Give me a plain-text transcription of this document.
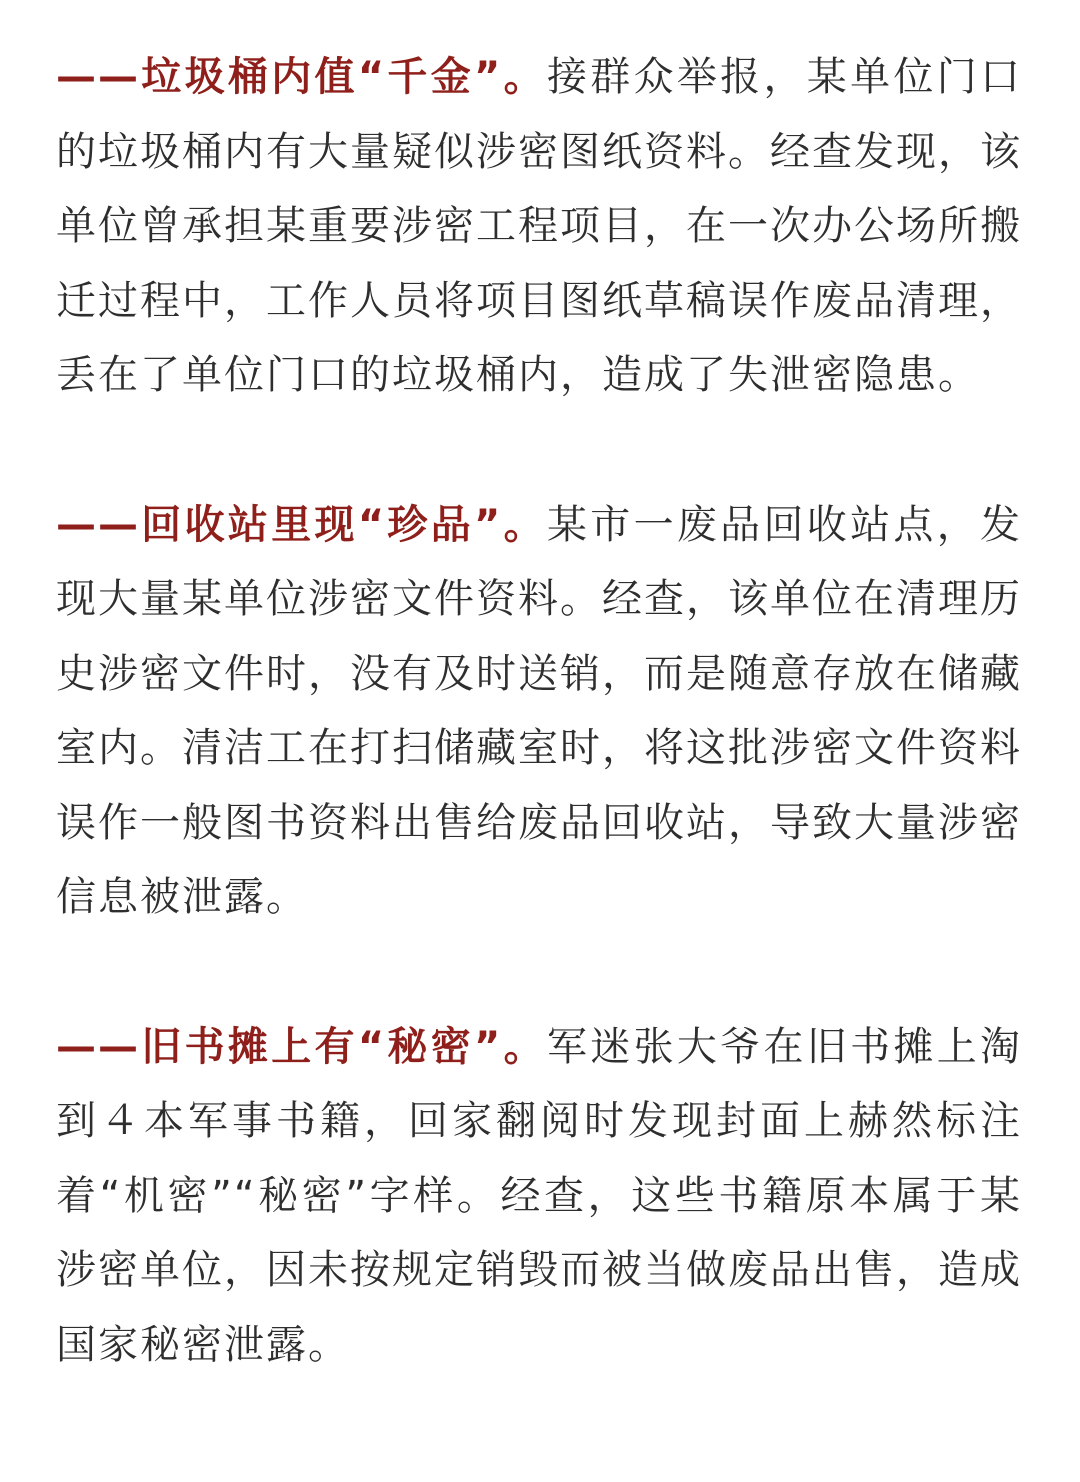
——垃圾桶内值“千金”。接群众举报，某单位门口的垃圾桶内有大量疑似涉密图纸资料。经查发现，该单位曾承担某重要涉密工程项目，在一次办公场所搬迁过程中，工作人员将项目图纸草稿误作废品清理，丢在了单位门口的垃圾桶内，造成了失泄密隐患。

——回收站里现“珍品”。某市一废品回收站点，发现大量某单位涉密文件资料。经查，该单位在清理历史涉密文件时，没有及时送销，而是随意存放在储藏室内。清洁工在打扫储藏室时，将这批涉密文件资料误作一般图书资料出售给废品回收站，导致大量涉密信息被泄露。

——旧书摊上有“秘密”。军迷张大爷在旧书摊上淘到４本军事书籍，回家翻阅时发现封面上赫然标注着“机密”“秘密”字样。经查，这些书籍原本属于某涉密单位，因未按规定销毁而被当做废品出售，造成国家秘密泄露。
